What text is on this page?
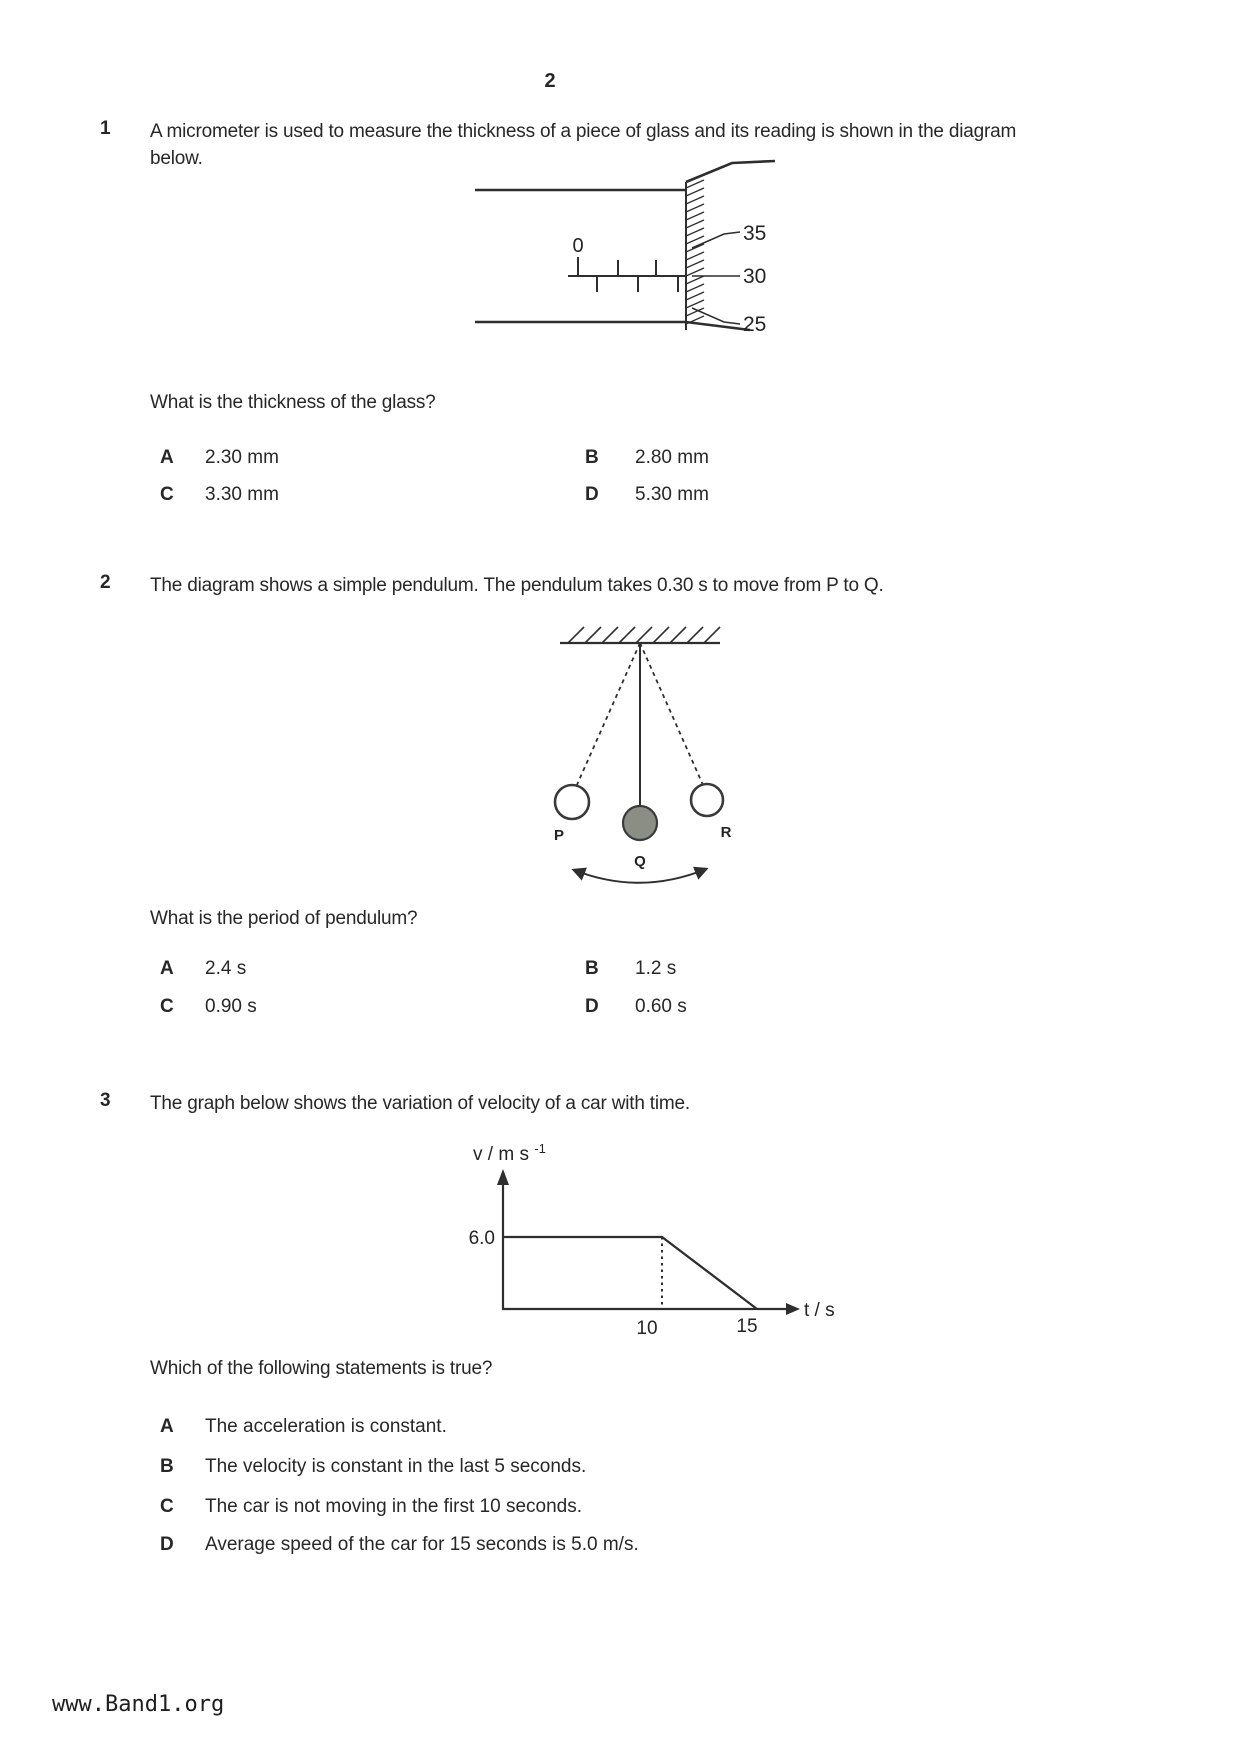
2
1 A micrometer is used to measure the thickness of a piece of glass and its reading is shown in the diagram below.
0
35
30
25
What is the thickness of the glass?
A 2.30 mm	B 2.80 mm
C 3.30 mm	D 5.30 mm
2 The diagram shows a simple pendulum. The pendulum takes 0.30 s to move from P to Q.
P	R
Q
What is the period of pendulum?
A 2.4 s	B 1.2 s
C 0.90 s	D 0.60 s
3 The graph below shows the variation of velocity of a car with time.
v / m s $^{-1}$
t / s
6.0
10	15
Which of the following statements is true?
A The acceleration is constant.
B The velocity is constant in the last 5 seconds.
C The car is not moving in the first 10 seconds.
D Average speed of the car for 15 seconds is 5.0 m/s.
www.Band1.org
